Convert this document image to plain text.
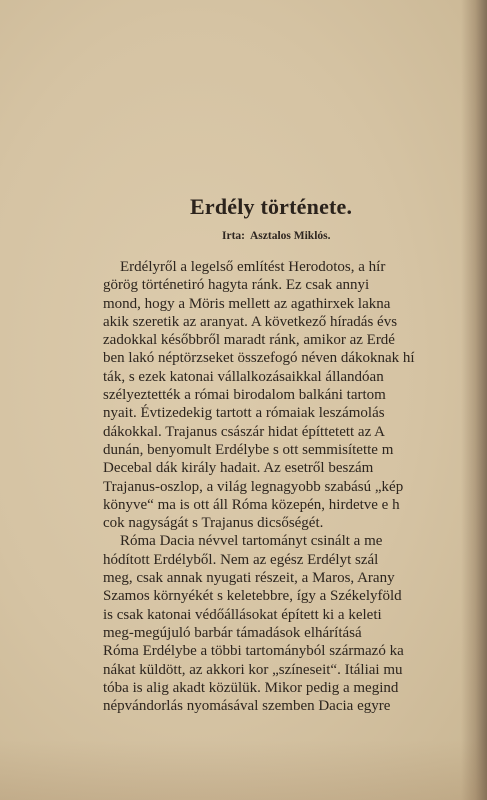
Erdély története.
Irta: Asztalos Miklós.
Erdélyről a legelső említést Herodotos, a hír
görög történetiró hagyta ránk. Ez csak annyi
mond, hogy a Möris mellett az agathirxek lakna
akik szeretik az aranyat. A következő híradás évs
zadokkal későbbről maradt ránk, amikor az Erdé
ben lakó néptörzseket összefogó néven dákoknak hí
ták, s ezek katonai vállalkozásaikkal állandóan
szélyeztették a római birodalom balkáni tartom
nyait. Évtizedekig tartott a rómaiak leszámolás
dákokkal. Trajanus császár hidat építtetett az A
dunán, benyomult Erdélybe s ott semmisítette m
Decebal dák király hadait. Az esetről beszám
Trajanus-oszlop, a világ legnagyobb szabású „kép
könyve“ ma is ott áll Róma közepén, hirdetve e h
cok nagyságát s Trajanus dicsőségét.
Róma Dacia névvel tartományt csinált a me
hódított Erdélyből. Nem az egész Erdélyt szál
meg, csak annak nyugati részeit, a Maros, Arany
Szamos környékét s keletebbre, így a Székelyföld
is csak katonai védőállásokat épített ki a keleti
meg-megújuló barbár támadások elhárításá
Róma Erdélybe a többi tartományból származó ka
nákat küldött, az akkori kor „színeseit“. Itáliai mu
tóba is alig akadt közülük. Mikor pedig a megind
népvándorlás nyomásával szemben Dacia egyre
